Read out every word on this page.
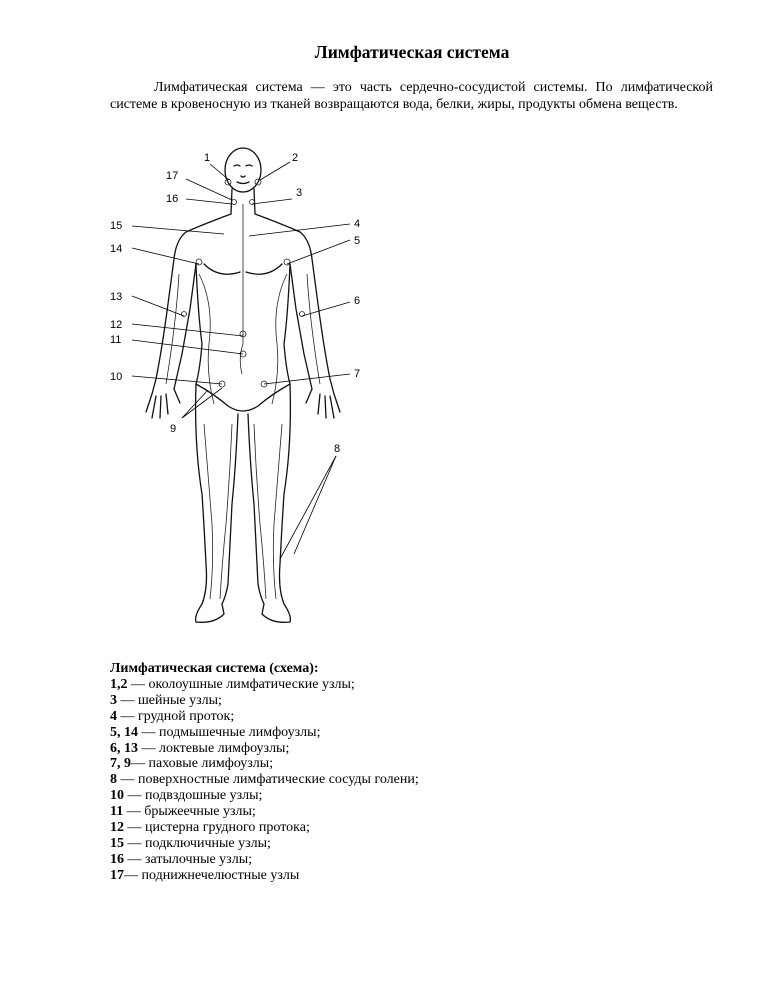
Лимфатическая система

Лимфатическая система — это часть сердечно-сосудистой системы. По лимфатической системе в кровеносную из тканей возвращаются вода, белки, жиры, продукты обмена веществ.

1	2
17
16	3
15	4
14
5
6
13
12
11
10	7
9
8
Лимфатическая система (схема):
1,2 — околоушные лимфатические узлы;
3 — шейные узлы;
4 — грудной проток;
5, 14 — подмышечные лимфоузлы;
6, 13 — локтевые лимфоузлы;
7, 9— паховые лимфоузлы;
8 — поверхностные лимфатические сосуды голени;
10 — подвздошные узлы;
11 — брыжеечные узлы;
12 — цистерна грудного протока;
15 — подключичные узлы;
16 — затылочные узлы;
17— поднижнечелюстные узлы
